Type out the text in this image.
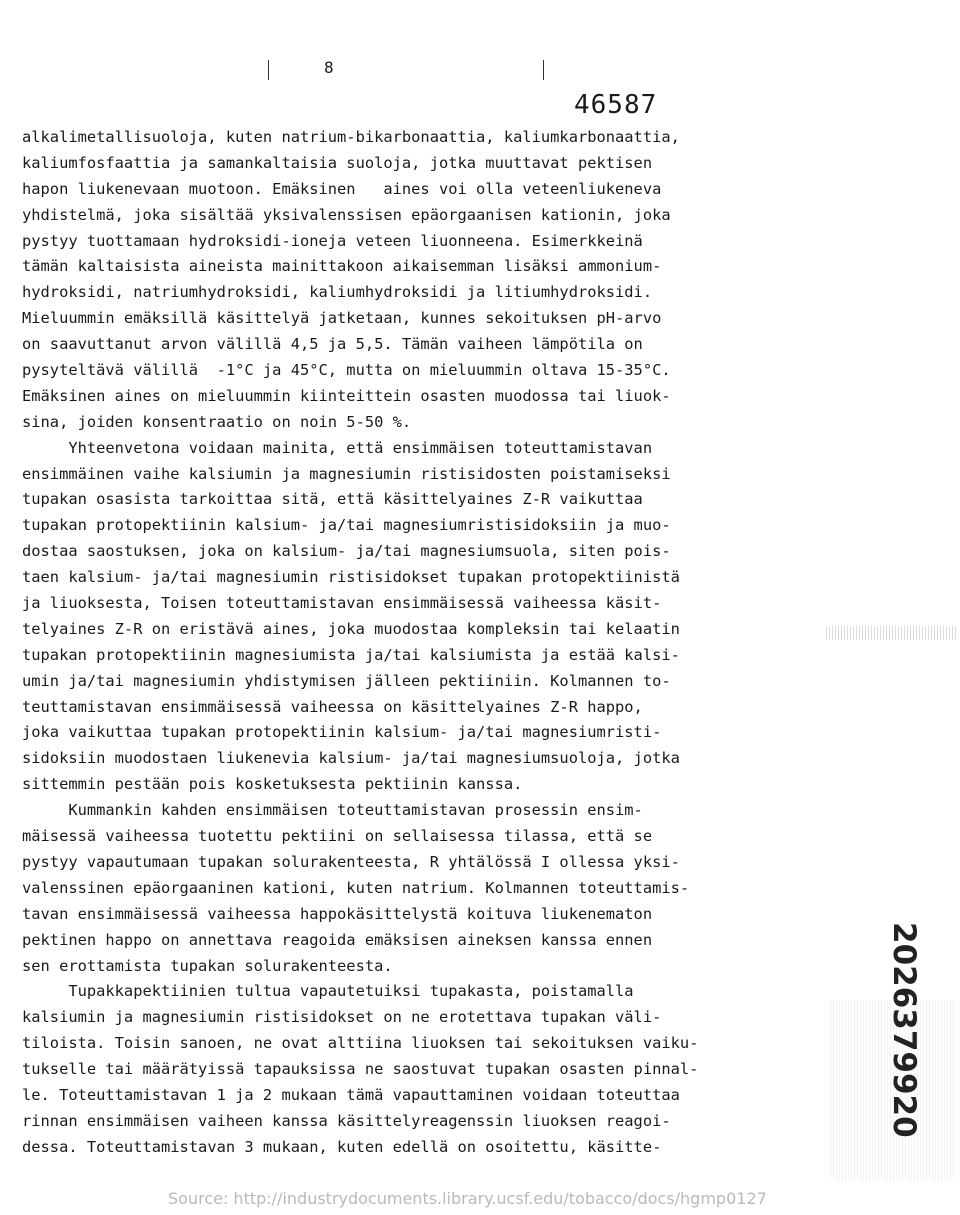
8
46587
alkalimetallisuoloja, kuten natrium-bikarbonaattia, kaliumkarbonaattia,
kaliumfosfaattia ja samankaltaisia suoloja, jotka muuttavat pektisen
hapon liukenevaan muotoon. Emäksinen   aines voi olla veteenliukeneva
yhdistelmä, joka sisältää yksivalenssisen epäorgaanisen kationin, joka
pystyy tuottamaan hydroksidi-ioneja veteen liuonneena. Esimerkkeinä
tämän kaltaisista aineista mainittakoon aikaisemman lisäksi ammonium-
hydroksidi, natriumhydroksidi, kaliumhydroksidi ja litiumhydroksidi.
Mieluummin emäksillä käsittelyä jatketaan, kunnes sekoituksen pH-arvo
on saavuttanut arvon välillä 4,5 ja 5,5. Tämän vaiheen lämpötila on
pysyteltävä välillä  -1°C ja 45°C, mutta on mieluummin oltava 15-35°C.
Emäksinen aines on mieluummin kiinteittein osasten muodossa tai liuok-
sina, joiden konsentraatio on noin 5-50 %.
Yhteenvetona voidaan mainita, että ensimmäisen toteuttamistavan
ensimmäinen vaihe kalsiumin ja magnesiumin ristisidosten poistamiseksi
tupakan osasista tarkoittaa sitä, että käsittelyaines Z-R vaikuttaa
tupakan protopektiinin kalsium- ja/tai magnesiumristisidoksiin ja muo-
dostaa saostuksen, joka on kalsium- ja/tai magnesiumsuola, siten pois-
taen kalsium- ja/tai magnesiumin ristisidokset tupakan protopektiinistä
ja liuoksesta, Toisen toteuttamistavan ensimmäisessä vaiheessa käsit-
telyaines Z-R on eristävä aines, joka muodostaa kompleksin tai kelaatin
tupakan protopektiinin magnesiumista ja/tai kalsiumista ja estää kalsi-
umin ja/tai magnesiumin yhdistymisen jälleen pektiiniin. Kolmannen to-
teuttamistavan ensimmäisessä vaiheessa on käsittelyaines Z-R happo,
joka vaikuttaa tupakan protopektiinin kalsium- ja/tai magnesiumristi-
sidoksiin muodostaen liukenevia kalsium- ja/tai magnesiumsuoloja, jotka
sittemmin pestään pois kosketuksesta pektiinin kanssa.
Kummankin kahden ensimmäisen toteuttamistavan prosessin ensim-
mäisessä vaiheessa tuotettu pektiini on sellaisessa tilassa, että se
pystyy vapautumaan tupakan solurakenteesta, R yhtälössä I ollessa yksi-
valenssinen epäorgaaninen kationi, kuten natrium. Kolmannen toteuttamis-
tavan ensimmäisessä vaiheessa happokäsittelystä koituva liukenematon
pektinen happo on annettava reagoida emäksisen aineksen kanssa ennen
sen erottamista tupakan solurakenteesta.
Tupakkapektiinien tultua vapautetuiksi tupakasta, poistamalla
kalsiumin ja magnesiumin ristisidokset on ne erotettava tupakan väli-
tiloista. Toisin sanoen, ne ovat alttiina liuoksen tai sekoituksen vaiku-
tukselle tai määrätyissä tapauksissa ne saostuvat tupakan osasten pinnal-
le. Toteuttamistavan 1 ja 2 mukaan tämä vapauttaminen voidaan toteuttaa
rinnan ensimmäisen vaiheen kanssa käsittelyreagenssin liuoksen reagoi-
dessa. Toteuttamistavan 3 mukaan, kuten edellä on osoitettu, käsitte-
2026379920
Source: http://industrydocuments.library.ucsf.edu/tobacco/docs/hgmp0127
